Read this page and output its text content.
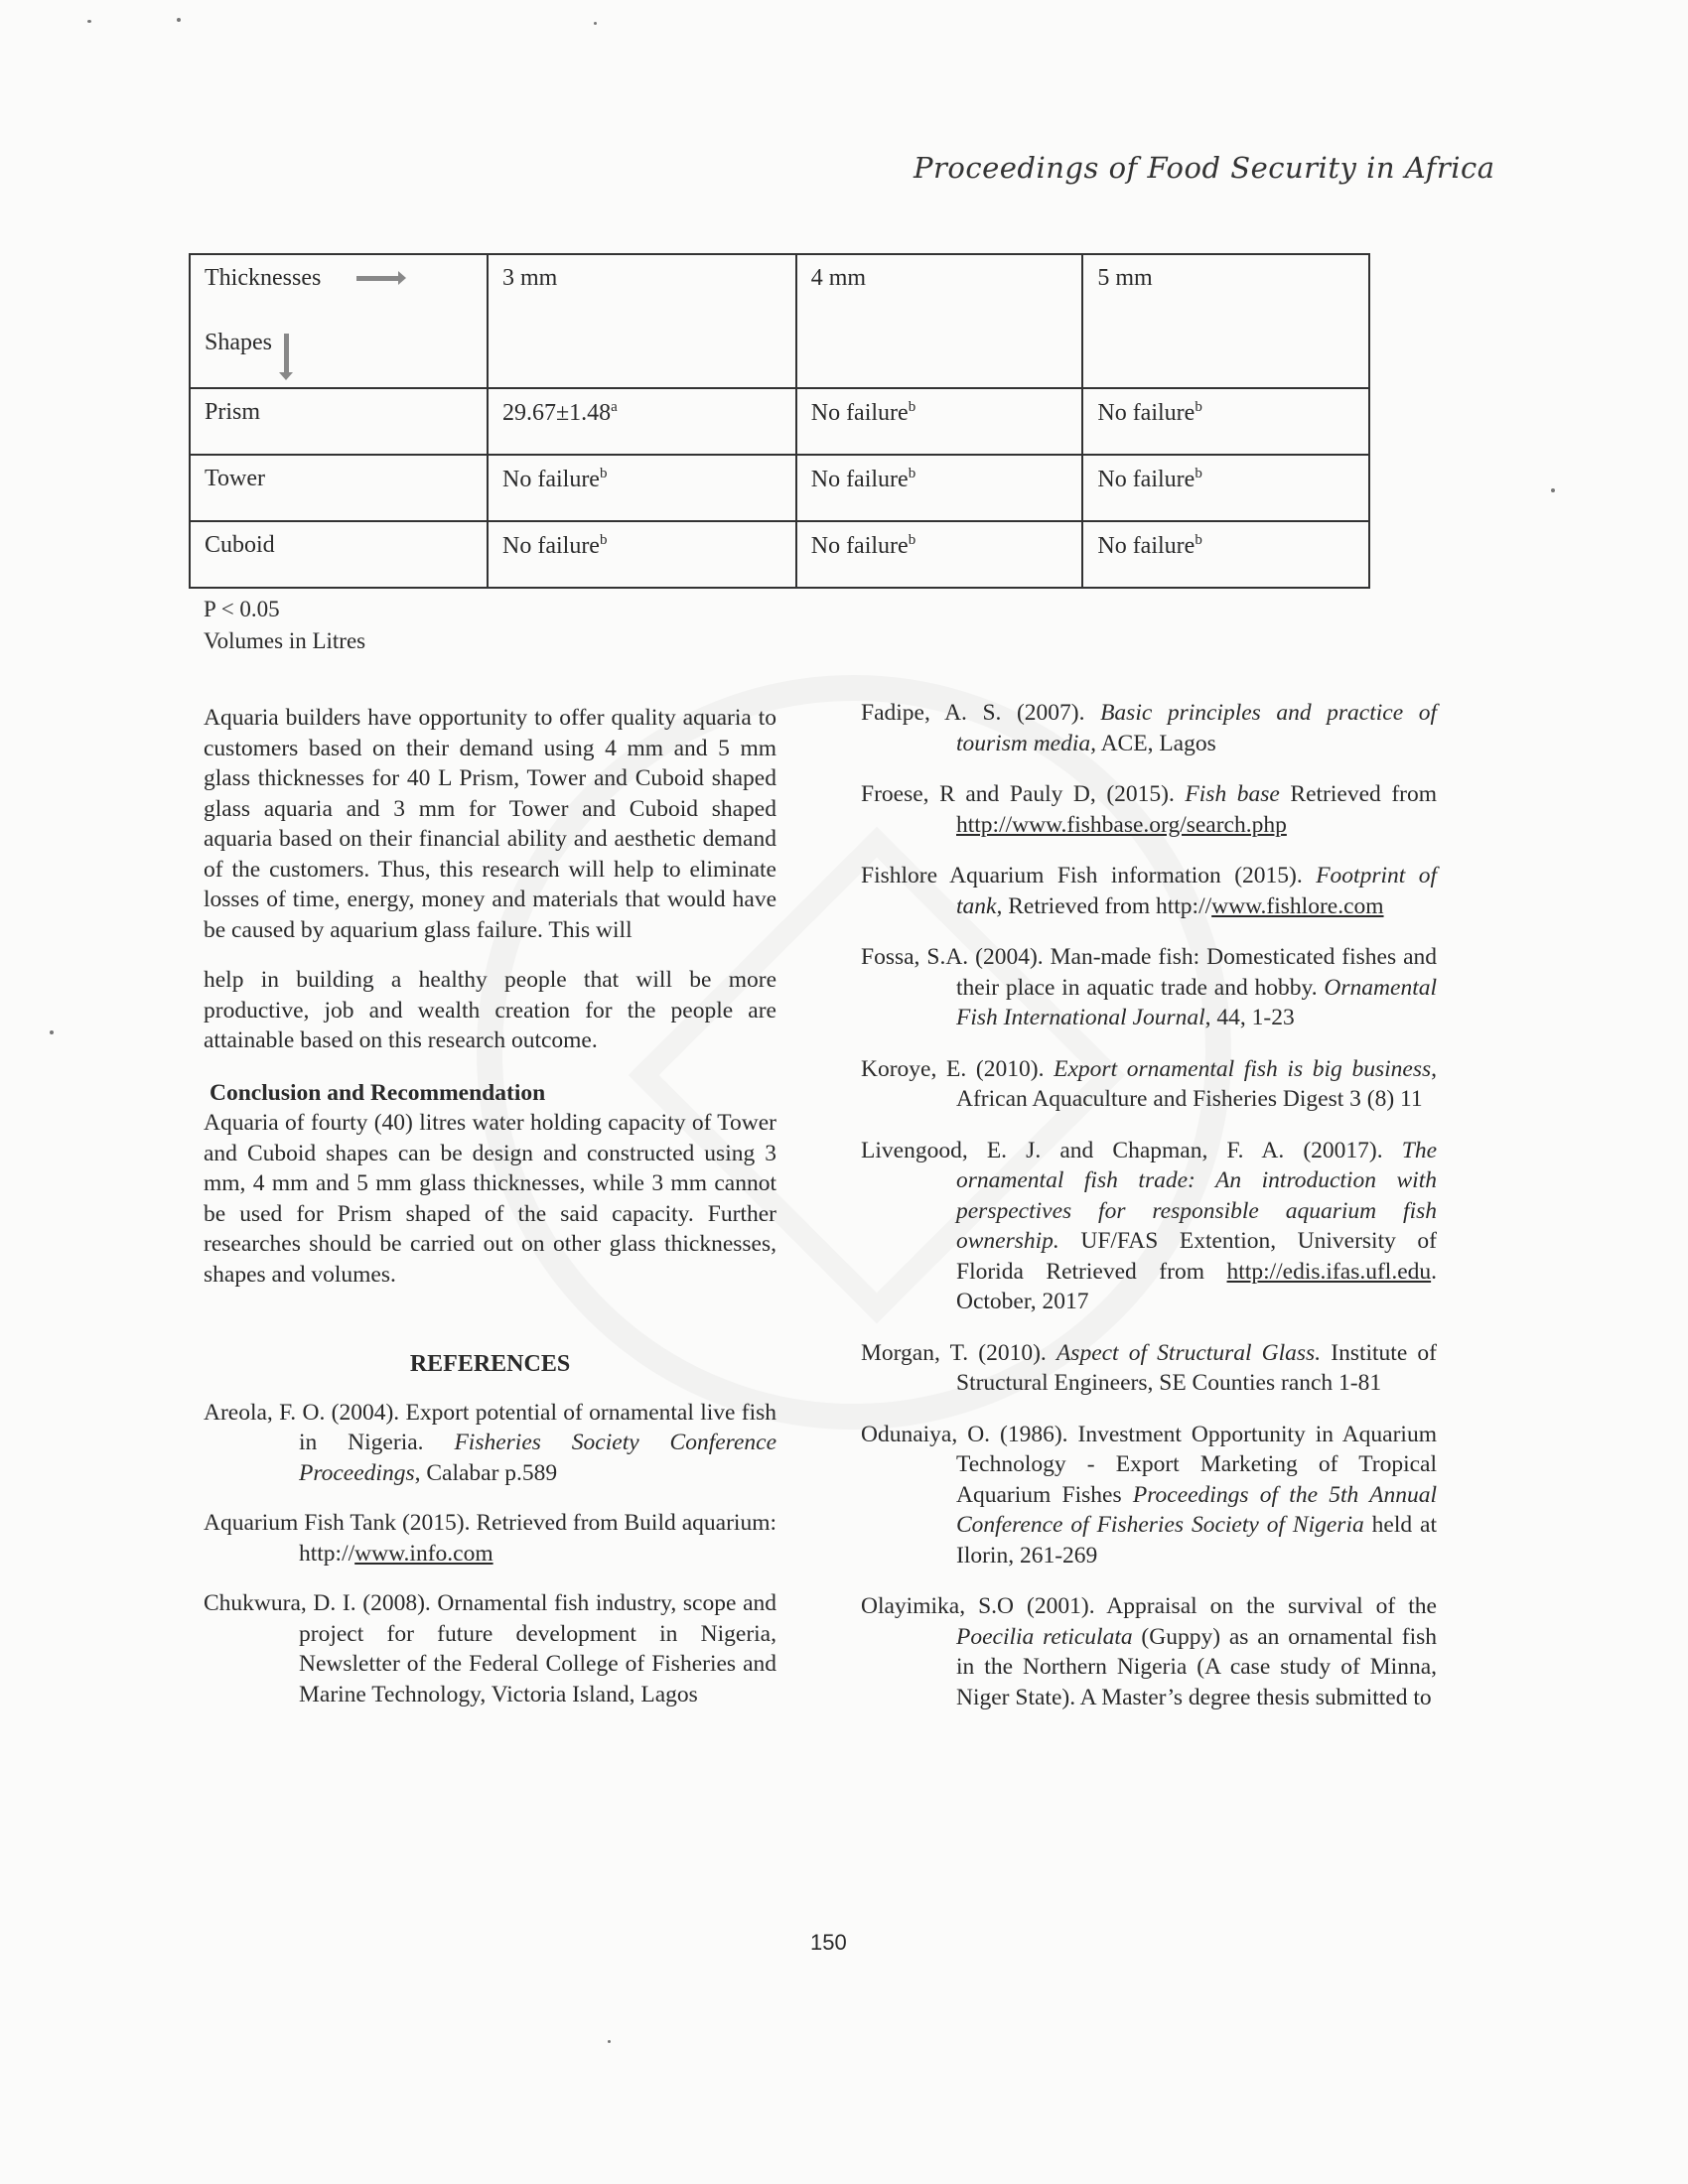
Proceedings of Food Security in Africa
Thicknesses
Shapes	3 mm	4 mm	5 mm
Prism	29.67±1.48$^a$	No failure$^b$	No failure$^b$
Tower	No failure$^b$	No failure$^b$	No failure$^b$
Cuboid	No failure$^b$	No failure$^b$	No failure$^b$
P < 0.05
Volumes in Litres

Aquaria builders have opportunity to offer quality aquaria to customers based on their demand using 4 mm and 5 mm glass thicknesses for 40 L Prism, Tower and Cuboid shaped glass aquaria and 3 mm for Tower and Cuboid shaped aquaria based on their financial ability and aesthetic demand of the customers. Thus, this research will help to eliminate losses of time, energy, money and materials that would have be caused by aquarium glass failure. This will

help in building a healthy people that will be more productive, job and wealth creation for the people are attainable based on this research outcome.

Conclusion and Recommendation

Aquaria of fourty (40) litres water holding capacity of Tower and Cuboid shapes can be design and constructed using 3 mm, 4 mm and 5 mm glass thicknesses, while 3 mm cannot be used for Prism shaped of the said capacity. Further researches should be carried out on other glass thicknesses, shapes and volumes.

REFERENCES

Areola, F. O. (2004). Export potential of ornamental live fish in Nigeria. Fisheries Society Conference Proceedings, Calabar p.589

Aquarium Fish Tank (2015). Retrieved from Build aquarium: http://www.info.com

Chukwura, D. I. (2008). Ornamental fish industry, scope and project for future development in Nigeria, Newsletter of the Federal College of Fisheries and Marine Technology, Victoria Island, Lagos

Fadipe, A. S. (2007). Basic principles and practice of tourism media, ACE, Lagos

Froese, R and Pauly D, (2015). Fish base Retrieved from http://www.fishbase.org/search.php

Fishlore Aquarium Fish information (2015). Footprint of tank, Retrieved from http://www.fishlore.com

Fossa, S.A. (2004). Man-made fish: Domesticated fishes and their place in aquatic trade and hobby. Ornamental Fish International Journal, 44, 1-23

Koroye, E. (2010). Export ornamental fish is big business, African Aquaculture and Fisheries Digest 3 (8) 11

Livengood, E. J. and Chapman, F. A. (20017). The ornamental fish trade: An introduction with perspectives for responsible aquarium fish ownership. UF/FAS Extention, University of Florida Retrieved from http://edis.ifas.ufl.edu. October, 2017

Morgan, T. (2010). Aspect of Structural Glass. Institute of Structural Engineers, SE Counties ranch 1-81

Odunaiya, O. (1986). Investment Opportunity in Aquarium Technology - Export Marketing of Tropical Aquarium Fishes Proceedings of the 5th Annual Conference of Fisheries Society of Nigeria held at Ilorin, 261-269

Olayimika, S.O (2001). Appraisal on the survival of the Poecilia reticulata (Guppy) as an ornamental fish in the Northern Nigeria (A case study of Minna, Niger State). A Master’s degree thesis submitted to

150
